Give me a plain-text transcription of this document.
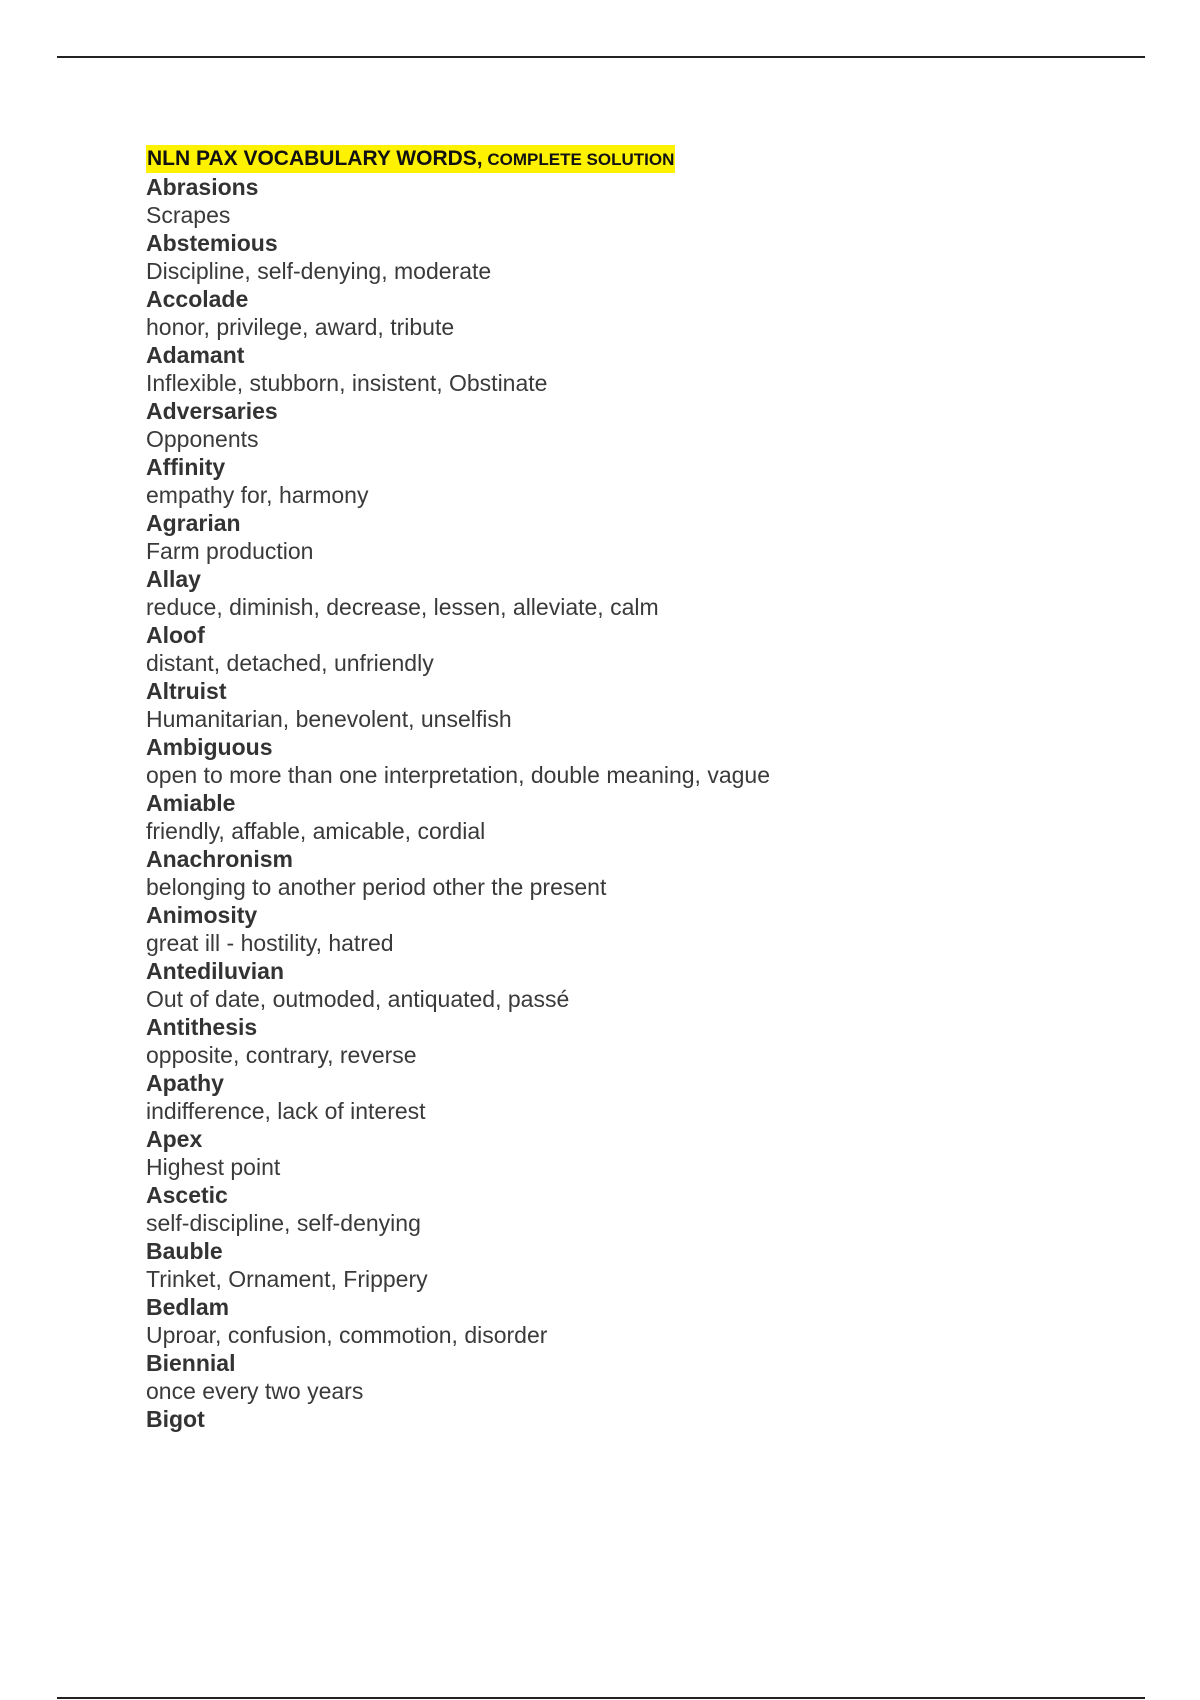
NLN PAX VOCABULARY WORDS, COMPLETE SOLUTION
Abrasions
Scrapes
Abstemious
Discipline, self-denying, moderate
Accolade
honor, privilege, award, tribute
Adamant
Inflexible, stubborn, insistent, Obstinate
Adversaries
Opponents
Affinity
empathy for, harmony
Agrarian
Farm production
Allay
reduce, diminish, decrease, lessen, alleviate, calm
Aloof
distant, detached, unfriendly
Altruist
Humanitarian, benevolent, unselfish
Ambiguous
open to more than one interpretation, double meaning, vague
Amiable
friendly, affable, amicable, cordial
Anachronism
belonging to another period other the present
Animosity
great ill - hostility, hatred
Antediluvian
Out of date, outmoded, antiquated, passé
Antithesis
opposite, contrary, reverse
Apathy
indifference, lack of interest
Apex
Highest point
Ascetic
self-discipline, self-denying
Bauble
Trinket, Ornament, Frippery
Bedlam
Uproar, confusion, commotion, disorder
Biennial
once every two years
Bigot
